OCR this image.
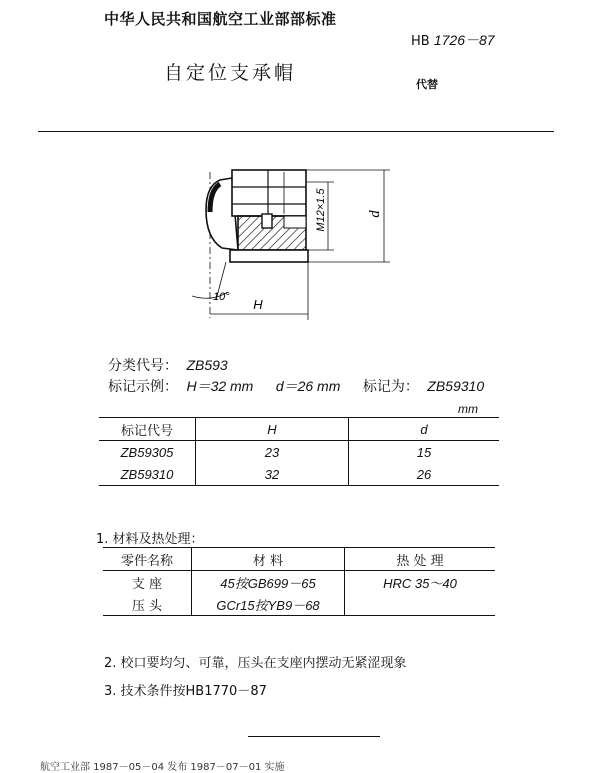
中华人民共和国航空工业部部标准
HB 1726－87
自定位支承帽
代替
M12×1.5	d
H
10°
分类代号： ZB593
标记示例： H＝32 mm d＝26 mm 标记为： ZB59310
mm
标记代号	H	d
ZB59305	23	15
ZB59310	32	26
1. 材料及热处理：
零件名称	材 料	热 处 理
支 座	45按GB699－65	HRC 35～40
压 头	GCr15按YB9－68	
2. 校口要均匀、可靠，压头在支座内摆动无紧涩现象
3. 技术条件按HB1770－87
航空工业部 1987－05－04 发布 1987－07－01 实施
